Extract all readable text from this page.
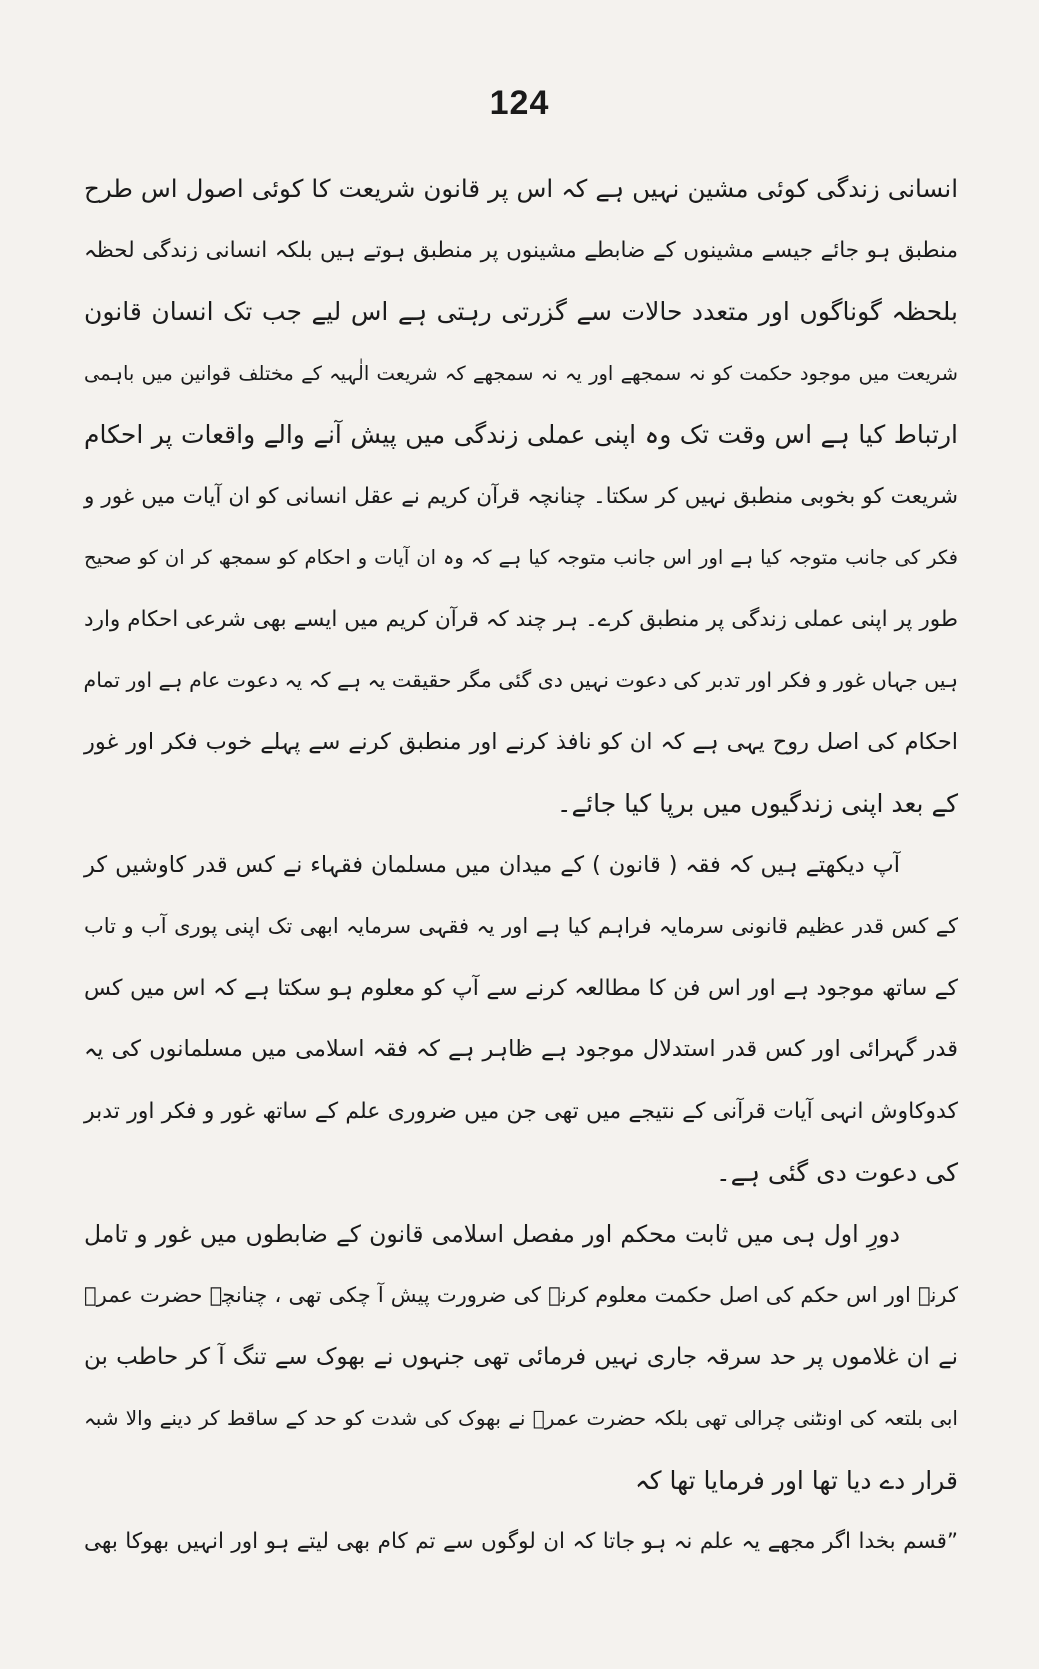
124
انسانی زندگی کوئی مشین نہیں ہے کہ اس پر قانون شریعت کا کوئی اصول اس طرح
منطبق ہو جائے جیسے مشینوں کے ضابطے مشینوں پر منطبق ہوتے ہیں بلکہ انسانی زندگی لحظہ
بلحظہ گوناگوں اور متعدد حالات سے گزرتی رہتی ہے اس لیے جب تک انسان قانون
شریعت میں موجود حکمت کو نہ سمجھے اور یہ نہ سمجھے کہ شریعت الٰہیہ کے مختلف قوانین میں باہمی
ارتباط کیا ہے اس وقت تک وہ اپنی عملی زندگی میں پیش آنے والے واقعات پر احکام
شریعت کو بخوبی منطبق نہیں کر سکتا۔ چنانچہ قرآن کریم نے عقل انسانی کو ان آیات میں غور و
فکر کی جانب متوجہ کیا ہے اور اس جانب متوجہ کیا ہے کہ وہ ان آیات و احکام کو سمجھ کر ان کو صحیح
طور پر اپنی عملی زندگی پر منطبق کرے۔ ہر چند کہ قرآن کریم میں ایسے بھی شرعی احکام وارد
ہیں جہاں غور و فکر اور تدبر کی دعوت نہیں دی گئی مگر حقیقت یہ ہے کہ یہ دعوت عام ہے اور تمام
احکام کی اصل روح یہی ہے کہ ان کو نافذ کرنے اور منطبق کرنے سے پہلے خوب فکر اور غور
کے بعد اپنی زندگیوں میں برپا کیا جائے۔
آپ دیکھتے ہیں کہ فقہ ( قانون ) کے میدان میں مسلمان فقہاء نے کس قدر کاوشیں کر
کے کس قدر عظیم قانونی سرمایہ فراہم کیا ہے اور یہ فقہی سرمایہ ابھی تک اپنی پوری آب و تاب
کے ساتھ موجود ہے اور اس فن کا مطالعہ کرنے سے آپ کو معلوم ہو سکتا ہے کہ اس میں کس
قدر گہرائی اور کس قدر استدلال موجود ہے ظاہر ہے کہ فقہ اسلامی میں مسلمانوں کی یہ
کدوکاوش انہی آیات قرآنی کے نتیجے میں تھی جن میں ضروری علم کے ساتھ غور و فکر اور تدبر
کی دعوت دی گئی ہے۔
دورِ اول ہی میں ثابت محکم اور مفصل اسلامی قانون کے ضابطوں میں غور و تامل
کرنے اور اس حکم کی اصل حکمت معلوم کرنے کی ضرورت پیش آ چکی تھی ، چنانچہ حضرت عمرؓ
نے ان غلاموں پر حد سرقہ جاری نہیں فرمائی تھی جنہوں نے بھوک سے تنگ آ کر حاطب بن
ابی بلتعہ کی اونٹنی چرالی تھی بلکہ حضرت عمرؓ نے بھوک کی شدت کو حد کے ساقط کر دینے والا شبہ
قرار دے دیا تھا اور فرمایا تھا کہ
”قسم بخدا اگر مجھے یہ علم نہ ہو جاتا کہ ان لوگوں سے تم کام بھی لیتے ہو اور انہیں بھوکا بھی
